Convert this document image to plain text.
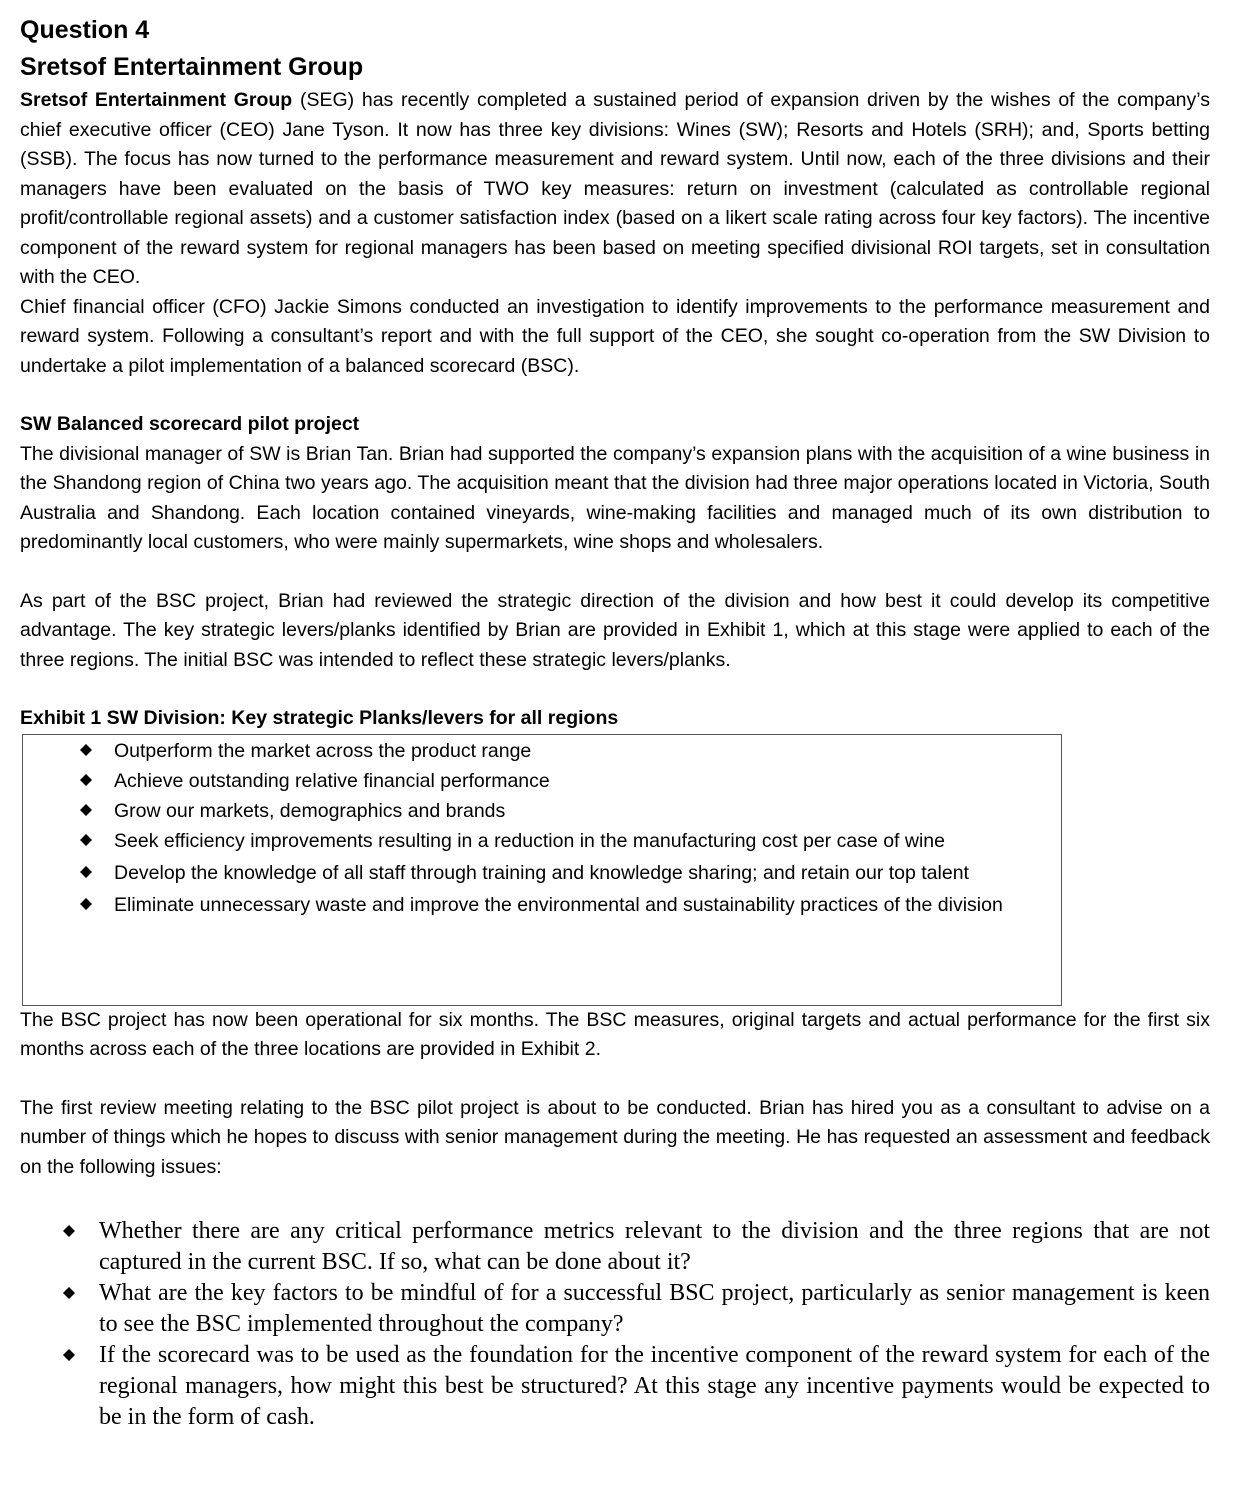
Question 4
Sretsof Entertainment Group

Sretsof Entertainment Group (SEG) has recently completed a sustained period of expansion driven by the wishes of the company’s chief executive officer (CEO) Jane Tyson. It now has three key divisions: Wines (SW); Resorts and Hotels (SRH); and, Sports betting (SSB). The focus has now turned to the performance measurement and reward system. Until now, each of the three divisions and their managers have been evaluated on the basis of TWO key measures: return on investment (calculated as controllable regional profit/controllable regional assets) and a customer satisfaction index (based on a likert scale rating across four key factors). The incentive component of the reward system for regional managers has been based on meeting specified divisional ROI targets, set in consultation with the CEO.

Chief financial officer (CFO) Jackie Simons conducted an investigation to identify improvements to the performance measurement and reward system. Following a consultant’s report and with the full support of the CEO, she sought co-operation from the SW Division to undertake a pilot implementation of a balanced scorecard (BSC).

SW Balanced scorecard pilot project

The divisional manager of SW is Brian Tan. Brian had supported the company’s expansion plans with the acquisition of a wine business in the Shandong region of China two years ago. The acquisition meant that the division had three major operations located in Victoria, South Australia and Shandong. Each location contained vineyards, wine-making facilities and managed much of its own distribution to predominantly local customers, who were mainly supermarkets, wine shops and wholesalers.

As part of the BSC project, Brian had reviewed the strategic direction of the division and how best it could develop its competitive advantage. The key strategic levers/planks identified by Brian are provided in Exhibit 1, which at this stage were applied to each of the three regions. The initial BSC was intended to reflect these strategic levers/planks.

Exhibit 1 SW Division: Key strategic Planks/levers for all regions

Outperform the market across the product range
Achieve outstanding relative financial performance
Grow our markets, demographics and brands
Seek efficiency improvements resulting in a reduction in the manufacturing cost per case of wine
Develop the knowledge of all staff through training and knowledge sharing; and retain our top talent
Eliminate unnecessary waste and improve the environmental and sustainability practices of the division

The BSC project has now been operational for six months. The BSC measures, original targets and actual performance for the first six months across each of the three locations are provided in Exhibit 2.

The first review meeting relating to the BSC pilot project is about to be conducted. Brian has hired you as a consultant to advise on a number of things which he hopes to discuss with senior management during the meeting. He has requested an assessment and feedback on the following issues:

Whether there are any critical performance metrics relevant to the division and the three regions that are not captured in the current BSC. If so, what can be done about it?
What are the key factors to be mindful of for a successful BSC project, particularly as senior management is keen to see the BSC implemented throughout the company?
If the scorecard was to be used as the foundation for the incentive component of the reward system for each of the regional managers, how might this best be structured? At this stage any incentive payments would be expected to be in the form of cash.
